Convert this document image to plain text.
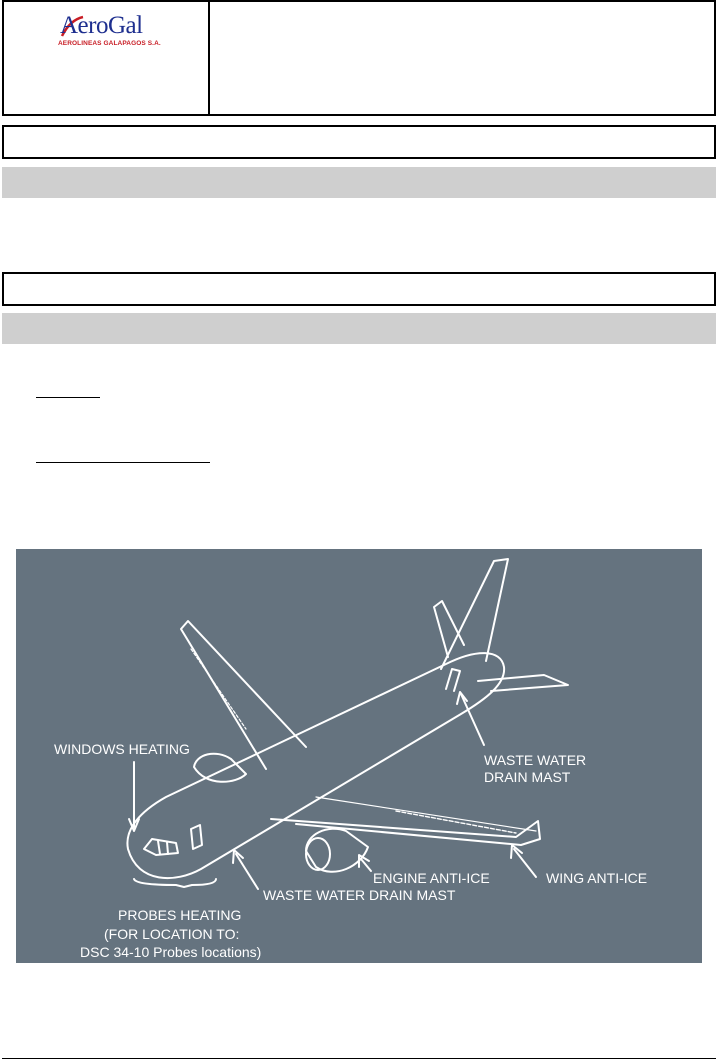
AeroGal
AEROLINEAS GALAPAGOS S.A.
WINDOWS HEATING
WASTE WATER
DRAIN MAST
ENGINE ANTI-ICE	WING ANTI-ICE
WASTE WATER DRAIN MAST
PROBES HEATING
(FOR LOCATION TO:
DSC 34-10 Probes locations)
